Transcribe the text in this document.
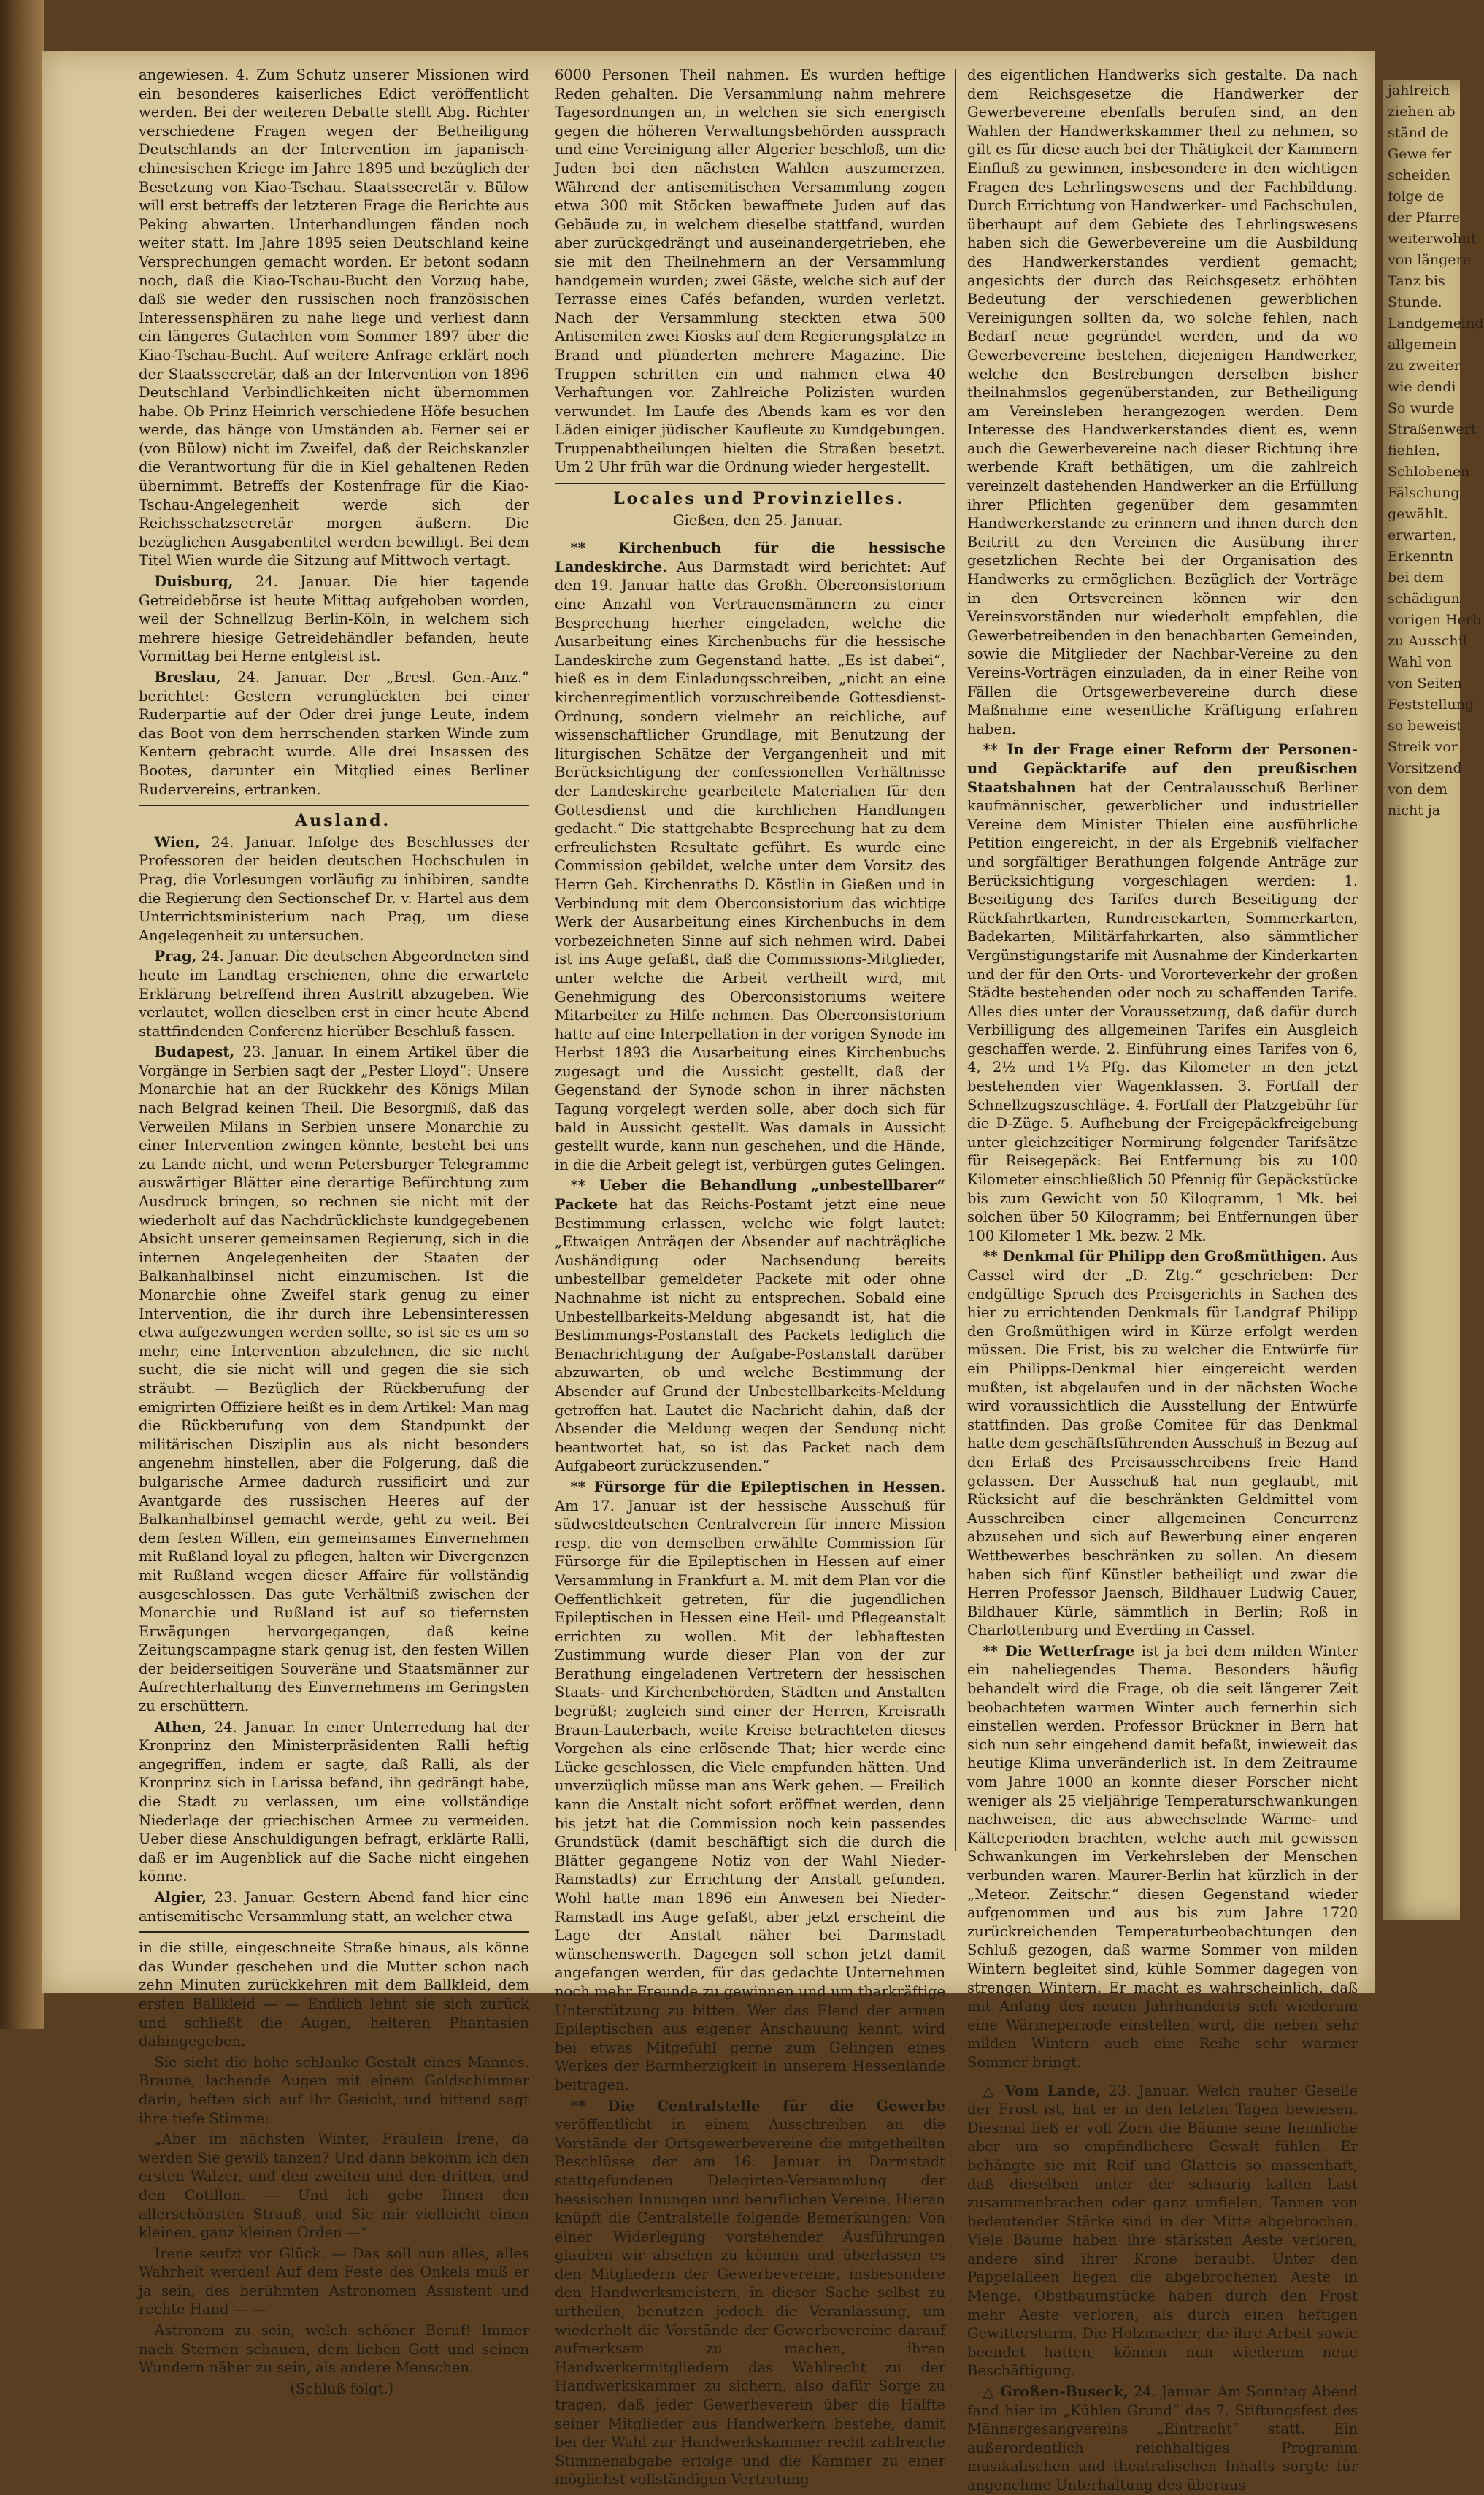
angewiesen. 4. Zum Schutz unserer Missionen wird ein besonderes kaiserliches Edict veröffentlicht werden. Bei der weiteren Debatte stellt Abg. Richter verschiedene Fragen wegen der Betheiligung Deutschlands an der Intervention im japanisch-chinesischen Kriege im Jahre 1895 und bezüglich der Besetzung von Kiao-Tschau. Staatssecretär v. Bülow will erst betreffs der letzteren Frage die Berichte aus Peking abwarten. Unterhandlungen fänden noch weiter statt. Im Jahre 1895 seien Deutschland keine Versprechungen gemacht worden. Er betont sodann noch, daß die Kiao-Tschau-Bucht den Vorzug habe, daß sie weder den russischen noch französischen Interessensphären zu nahe liege und verliest dann ein längeres Gutachten vom Sommer 1897 über die Kiao-Tschau-Bucht. Auf weitere Anfrage erklärt noch der Staatssecretär, daß an der Intervention von 1896 Deutschland Verbindlichkeiten nicht übernommen habe. Ob Prinz Heinrich verschiedene Höfe besuchen werde, das hänge von Umständen ab. Ferner sei er (von Bülow) nicht im Zweifel, daß der Reichskanzler die Verantwortung für die in Kiel gehaltenen Reden übernimmt. Betreffs der Kostenfrage für die Kiao-Tschau-Angelegenheit werde sich der Reichsschatzsecretär morgen äußern. Die bezüglichen Ausgabentitel werden bewilligt. Bei dem Titel Wien wurde die Sitzung auf Mittwoch vertagt.

Duisburg, 24. Januar. Die hier tagende Getreidebörse ist heute Mittag aufgehoben worden, weil der Schnellzug Berlin-Köln, in welchem sich mehrere hiesige Getreidehändler befanden, heute Vormittag bei Herne entgleist ist.

Breslau, 24. Januar. Der „Bresl. Gen.-Anz.“ berichtet: Gestern verunglückten bei einer Ruderpartie auf der Oder drei junge Leute, indem das Boot von dem herrschenden starken Winde zum Kentern gebracht wurde. Alle drei Insassen des Bootes, darunter ein Mitglied eines Berliner Rudervereins, ertranken.

Ausland.

Wien, 24. Januar. Infolge des Beschlusses der Professoren der beiden deutschen Hochschulen in Prag, die Vorlesungen vorläufig zu inhibiren, sandte die Regierung den Sectionschef Dr. v. Hartel aus dem Unterrichtsministerium nach Prag, um diese Angelegenheit zu untersuchen.

Prag, 24. Januar. Die deutschen Abgeordneten sind heute im Landtag erschienen, ohne die erwartete Erklärung betreffend ihren Austritt abzugeben. Wie verlautet, wollen dieselben erst in einer heute Abend stattfindenden Conferenz hierüber Beschluß fassen.

Budapest, 23. Januar. In einem Artikel über die Vorgänge in Serbien sagt der „Pester Lloyd“: Unsere Monarchie hat an der Rückkehr des Königs Milan nach Belgrad keinen Theil. Die Besorgniß, daß das Verweilen Milans in Serbien unsere Monarchie zu einer Intervention zwingen könnte, besteht bei uns zu Lande nicht, und wenn Petersburger Telegramme auswärtiger Blätter eine derartige Befürchtung zum Ausdruck bringen, so rechnen sie nicht mit der wiederholt auf das Nachdrücklichste kundgegebenen Absicht unserer gemeinsamen Regierung, sich in die internen Angelegenheiten der Staaten der Balkanhalbinsel nicht einzumischen. Ist die Monarchie ohne Zweifel stark genug zu einer Intervention, die ihr durch ihre Lebensinteressen etwa aufgezwungen werden sollte, so ist sie es um so mehr, eine Intervention abzulehnen, die sie nicht sucht, die sie nicht will und gegen die sie sich sträubt. — Bezüglich der Rückberufung der emigrirten Offiziere heißt es in dem Artikel: Man mag die Rückberufung von dem Standpunkt der militärischen Disziplin aus als nicht besonders angenehm hinstellen, aber die Folgerung, daß die bulgarische Armee dadurch russificirt und zur Avantgarde des russischen Heeres auf der Balkanhalbinsel gemacht werde, geht zu weit. Bei dem festen Willen, ein gemeinsames Einvernehmen mit Rußland loyal zu pflegen, halten wir Divergenzen mit Rußland wegen dieser Affaire für vollständig ausgeschlossen. Das gute Verhältniß zwischen der Monarchie und Rußland ist auf so tiefernsten Erwägungen hervorgegangen, daß keine Zeitungscampagne stark genug ist, den festen Willen der beiderseitigen Souveräne und Staatsmänner zur Aufrechterhaltung des Einvernehmens im Geringsten zu erschüttern.

Athen, 24. Januar. In einer Unterredung hat der Kronprinz den Ministerpräsidenten Ralli heftig angegriffen, indem er sagte, daß Ralli, als der Kronprinz sich in Larissa befand, ihn gedrängt habe, die Stadt zu verlassen, um eine vollständige Niederlage der griechischen Armee zu vermeiden. Ueber diese Anschuldigungen befragt, erklärte Ralli, daß er im Augenblick auf die Sache nicht eingehen könne.

Algier, 23. Januar. Gestern Abend fand hier eine antisemitische Versammlung statt, an welcher etwa

in die stille, eingeschneite Straße hinaus, als könne das Wunder geschehen und die Mutter schon nach zehn Minuten zurückkehren mit dem Ballkleid, dem ersten Ballkleid — — Endlich lehnt sie sich zurück und schließt die Augen, heiteren Phantasien dahingegeben.

Sie sieht die hohe schlanke Gestalt eines Mannes. Braune, lachende Augen mit einem Goldschimmer darin, heften sich auf ihr Gesicht, und bittend sagt ihre tiefe Stimme:

„Aber im nächsten Winter, Fräulein Irene, da werden Sie gewiß tanzen? Und dann bekomm ich den ersten Walzer, und den zweiten und den dritten, und den Cotillon. — Und ich gebe Ihnen den allerschönsten Strauß, und Sie mir vielleicht einen kleinen, ganz kleinen Orden —“

Irene seufzt vor Glück. — Das soll nun alles, alles Wahrheit werden! Auf dem Feste des Onkels muß er ja sein, des berühmten Astronomen Assistent und rechte Hand — —

Astronom zu sein, welch schöner Beruf! Immer nach Sternen schauen, dem lieben Gott und seinen Wundern näher zu sein, als andere Menschen.

(Schluß folgt.)

6000 Personen Theil nahmen. Es wurden heftige Reden gehalten. Die Versammlung nahm mehrere Tagesordnungen an, in welchen sie sich energisch gegen die höheren Verwaltungsbehörden aussprach und eine Vereinigung aller Algerier beschloß, um die Juden bei den nächsten Wahlen auszumerzen. Während der antisemitischen Versammlung zogen etwa 300 mit Stöcken bewaffnete Juden auf das Gebäude zu, in welchem dieselbe stattfand, wurden aber zurückgedrängt und auseinandergetrieben, ehe sie mit den Theilnehmern an der Versammlung handgemein wurden; zwei Gäste, welche sich auf der Terrasse eines Cafés befanden, wurden verletzt. Nach der Versammlung steckten etwa 500 Antisemiten zwei Kiosks auf dem Regierungsplatze in Brand und plünderten mehrere Magazine. Die Truppen schritten ein und nahmen etwa 40 Verhaftungen vor. Zahlreiche Polizisten wurden verwundet. Im Laufe des Abends kam es vor den Läden einiger jüdischer Kaufleute zu Kundgebungen. Truppenabtheilungen hielten die Straßen besetzt. Um 2 Uhr früh war die Ordnung wieder hergestellt.

Locales und Provinzielles.

Gießen, den 25. Januar.

** Kirchenbuch für die hessische Landeskirche. Aus Darmstadt wird berichtet: Auf den 19. Januar hatte das Großh. Oberconsistorium eine Anzahl von Vertrauensmännern zu einer Besprechung hierher eingeladen, welche die Ausarbeitung eines Kirchenbuchs für die hessische Landeskirche zum Gegenstand hatte. „Es ist dabei“, hieß es in dem Einladungsschreiben, „nicht an eine kirchenregimentlich vorzuschreibende Gottesdienst-Ordnung, sondern vielmehr an reichliche, auf wissenschaftlicher Grundlage, mit Benutzung der liturgischen Schätze der Vergangenheit und mit Berücksichtigung der confessionellen Verhältnisse der Landeskirche gearbeitete Materialien für den Gottesdienst und die kirchlichen Handlungen gedacht.“ Die stattgehabte Besprechung hat zu dem erfreulichsten Resultate geführt. Es wurde eine Commission gebildet, welche unter dem Vorsitz des Herrn Geh. Kirchenraths D. Köstlin in Gießen und in Verbindung mit dem Oberconsistorium das wichtige Werk der Ausarbeitung eines Kirchenbuchs in dem vorbezeichneten Sinne auf sich nehmen wird. Dabei ist ins Auge gefaßt, daß die Commissions-Mitglieder, unter welche die Arbeit vertheilt wird, mit Genehmigung des Oberconsistoriums weitere Mitarbeiter zu Hilfe nehmen. Das Oberconsistorium hatte auf eine Interpellation in der vorigen Synode im Herbst 1893 die Ausarbeitung eines Kirchenbuchs zugesagt und die Aussicht gestellt, daß der Gegenstand der Synode schon in ihrer nächsten Tagung vorgelegt werden solle, aber doch sich für bald in Aussicht gestellt. Was damals in Aussicht gestellt wurde, kann nun geschehen, und die Hände, in die die Arbeit gelegt ist, verbürgen gutes Gelingen.

** Ueber die Behandlung „unbestellbarer“ Packete hat das Reichs-Postamt jetzt eine neue Bestimmung erlassen, welche wie folgt lautet: „Etwaigen Anträgen der Absender auf nachträgliche Aushändigung oder Nachsendung bereits unbestellbar gemeldeter Packete mit oder ohne Nachnahme ist nicht zu entsprechen. Sobald eine Unbestellbarkeits-Meldung abgesandt ist, hat die Bestimmungs-Postanstalt des Packets lediglich die Benachrichtigung der Aufgabe-Postanstalt darüber abzuwarten, ob und welche Bestimmung der Absender auf Grund der Unbestellbarkeits-Meldung getroffen hat. Lautet die Nachricht dahin, daß der Absender die Meldung wegen der Sendung nicht beantwortet hat, so ist das Packet nach dem Aufgabeort zurückzusenden.“

** Fürsorge für die Epileptischen in Hessen. Am 17. Januar ist der hessische Ausschuß für südwestdeutschen Centralverein für innere Mission resp. die von demselben erwählte Commission für Fürsorge für die Epileptischen in Hessen auf einer Versammlung in Frankfurt a. M. mit dem Plan vor die Oeffentlichkeit getreten, für die jugendlichen Epileptischen in Hessen eine Heil- und Pflegeanstalt errichten zu wollen. Mit der lebhaftesten Zustimmung wurde dieser Plan von der zur Berathung eingeladenen Vertretern der hessischen Staats- und Kirchenbehörden, Städten und Anstalten begrüßt; zugleich sind einer der Herren, Kreisrath Braun-Lauterbach, weite Kreise betrachteten dieses Vorgehen als eine erlösende That; hier werde eine Lücke geschlossen, die Viele empfunden hätten. Und unverzüglich müsse man ans Werk gehen. — Freilich kann die Anstalt nicht sofort eröffnet werden, denn bis jetzt hat die Commission noch kein passendes Grundstück (damit beschäftigt sich die durch die Blätter gegangene Notiz von der Wahl Nieder-Ramstadts) zur Errichtung der Anstalt gefunden. Wohl hatte man 1896 ein Anwesen bei Nieder-Ramstadt ins Auge gefaßt, aber jetzt erscheint die Lage der Anstalt näher bei Darmstadt wünschenswerth. Dagegen soll schon jetzt damit angefangen werden, für das gedachte Unternehmen noch mehr Freunde zu gewinnen und um tharkräftige Unterstützung zu bitten. Wer das Elend der armen Epileptischen aus eigener Anschauung kennt, wird bei etwas Mitgefühl gerne zum Gelingen eines Werkes der Barmherzigkeit in unserem Hessenlande beitragen.

** Die Centralstelle für die Gewerbe veröffentlicht in einem Ausschreiben an die Vorstände der Ortsgewerbevereine die mitgetheilten Beschlüsse der am 16. Januar in Darmstadt stattgefundenen Delegirten-Versammlung der hessischen Innungen und beruflichen Vereine. Hieran knüpft die Centralstelle folgende Bemerkungen: Von einer Widerlegung vorstehender Ausführungen glauben wir absehen zu können und überlassen es den Mitgliedern der Gewerbevereine, insbesondere den Handwerksmeistern, in dieser Sache selbst zu urtheilen, benutzen jedoch die Veranlassung, um wiederholt die Vorstände der Gewerbevereine darauf aufmerksam zu machen, ihren Handwerkermitgliedern das Wahlrecht zu der Handwerkskammer zu sichern, also dafür Sorge zu tragen, daß jeder Gewerbeverein über die Hälfte seiner Mitglieder aus Handwerkern bestehe, damit bei der Wahl zur Handwerkskammer recht zahlreiche Stimmenabgabe erfolge und die Kammer zu einer möglichst vollständigen Vertretung

des eigentlichen Handwerks sich gestalte. Da nach dem Reichsgesetze die Handwerker der Gewerbevereine ebenfalls berufen sind, an den Wahlen der Handwerkskammer theil zu nehmen, so gilt es für diese auch bei der Thätigkeit der Kammern Einfluß zu gewinnen, insbesondere in den wichtigen Fragen des Lehrlingswesens und der Fachbildung. Durch Errichtung von Handwerker- und Fachschulen, überhaupt auf dem Gebiete des Lehrlingswesens haben sich die Gewerbevereine um die Ausbildung des Handwerkerstandes verdient gemacht; angesichts der durch das Reichsgesetz erhöhten Bedeutung der verschiedenen gewerblichen Vereinigungen sollten da, wo solche fehlen, nach Bedarf neue gegründet werden, und da wo Gewerbevereine bestehen, diejenigen Handwerker, welche den Bestrebungen derselben bisher theilnahmslos gegenüberstanden, zur Betheiligung am Vereinsleben herangezogen werden. Dem Interesse des Handwerkerstandes dient es, wenn auch die Gewerbevereine nach dieser Richtung ihre werbende Kraft bethätigen, um die zahlreich vereinzelt dastehenden Handwerker an die Erfüllung ihrer Pflichten gegenüber dem gesammten Handwerkerstande zu erinnern und ihnen durch den Beitritt zu den Vereinen die Ausübung ihrer gesetzlichen Rechte bei der Organisation des Handwerks zu ermöglichen. Bezüglich der Vorträge in den Ortsvereinen können wir den Vereinsvorständen nur wiederholt empfehlen, die Gewerbetreibenden in den benachbarten Gemeinden, sowie die Mitglieder der Nachbar-Vereine zu den Vereins-Vorträgen einzuladen, da in einer Reihe von Fällen die Ortsgewerbevereine durch diese Maßnahme eine wesentliche Kräftigung erfahren haben.

** In der Frage einer Reform der Personen- und Gepäcktarife auf den preußischen Staatsbahnen hat der Centralausschuß Berliner kaufmännischer, gewerblicher und industrieller Vereine dem Minister Thielen eine ausführliche Petition eingereicht, in der als Ergebniß vielfacher und sorgfältiger Berathungen folgende Anträge zur Berücksichtigung vorgeschlagen werden: 1. Beseitigung des Tarifes durch Beseitigung der Rückfahrtkarten, Rundreisekarten, Sommerkarten, Badekarten, Militärfahrkarten, also sämmtlicher Vergünstigungstarife mit Ausnahme der Kinderkarten und der für den Orts- und Vororteverkehr der großen Städte bestehenden oder noch zu schaffenden Tarife. Alles dies unter der Voraussetzung, daß dafür durch Verbilligung des allgemeinen Tarifes ein Ausgleich geschaffen werde. 2. Einführung eines Tarifes von 6, 4, 2½ und 1½ Pfg. das Kilometer in den jetzt bestehenden vier Wagenklassen. 3. Fortfall der Schnellzugszuschläge. 4. Fortfall der Platzgebühr für die D-Züge. 5. Aufhebung der Freigepäckfreigebung unter gleichzeitiger Normirung folgender Tarifsätze für Reisegepäck: Bei Entfernung bis zu 100 Kilometer einschließlich 50 Pfennig für Gepäckstücke bis zum Gewicht von 50 Kilogramm, 1 Mk. bei solchen über 50 Kilogramm; bei Entfernungen über 100 Kilometer 1 Mk. bezw. 2 Mk.

** Denkmal für Philipp den Großmüthigen. Aus Cassel wird der „D. Ztg.“ geschrieben: Der endgültige Spruch des Preisgerichts in Sachen des hier zu errichtenden Denkmals für Landgraf Philipp den Großmüthigen wird in Kürze erfolgt werden müssen. Die Frist, bis zu welcher die Entwürfe für ein Philipps-Denkmal hier eingereicht werden mußten, ist abgelaufen und in der nächsten Woche wird voraussichtlich die Ausstellung der Entwürfe stattfinden. Das große Comitee für das Denkmal hatte dem geschäftsführenden Ausschuß in Bezug auf den Erlaß des Preisausschreibens freie Hand gelassen. Der Ausschuß hat nun geglaubt, mit Rücksicht auf die beschränkten Geldmittel vom Ausschreiben einer allgemeinen Concurrenz abzusehen und sich auf Bewerbung einer engeren Wettbewerbes beschränken zu sollen. An diesem haben sich fünf Künstler betheiligt und zwar die Herren Professor Jaensch, Bildhauer Ludwig Cauer, Bildhauer Kürle, sämmtlich in Berlin; Roß in Charlottenburg und Everding in Cassel.

** Die Wetterfrage ist ja bei dem milden Winter ein naheliegendes Thema. Besonders häufig behandelt wird die Frage, ob die seit längerer Zeit beobachteten warmen Winter auch fernerhin sich einstellen werden. Professor Brückner in Bern hat sich nun sehr eingehend damit befaßt, inwieweit das heutige Klima unveränderlich ist. In dem Zeitraume vom Jahre 1000 an konnte dieser Forscher nicht weniger als 25 vieljährige Temperaturschwankungen nachweisen, die aus abwechselnde Wärme- und Kälteperioden brachten, welche auch mit gewissen Schwankungen im Verkehrsleben der Menschen verbunden waren. Maurer-Berlin hat kürzlich in der „Meteor. Zeitschr.“ diesen Gegenstand wieder aufgenommen und aus bis zum Jahre 1720 zurückreichenden Temperaturbeobachtungen den Schluß gezogen, daß warme Sommer von milden Wintern begleitet sind, kühle Sommer dagegen von strengen Wintern. Er macht es wahrscheinlich, daß mit Anfang des neuen Jahrhunderts sich wiederum eine Wärmeperiode einstellen wird, die neben sehr milden Wintern auch eine Reihe sehr warmer Sommer bringt.

△ Vom Lande, 23. Januar. Welch rauher Geselle der Frost ist, hat er in den letzten Tagen bewiesen. Diesmal ließ er voll Zorn die Bäume seine heimliche aber um so empfindlichere Gewalt fühlen. Er behängte sie mit Reif und Glatteis so massenhaft, daß dieselben unter der schaurig kalten Last zusammenbrachen oder ganz umfielen. Tannen von bedeutender Stärke sind in der Mitte abgebrochen. Viele Bäume haben ihre stärksten Aeste verloren, andere sind ihrer Krone beraubt. Unter den Pappelalleen liegen die abgebrochenen Aeste in Menge. Obstbaumstücke haben durch den Frost mehr Aeste verloren, als durch einen heftigen Gewittersturm. Die Holzmacher, die ihre Arbeit sowie beendet hatten, können nun wiederum neue Beschäftigung.

△ Großen-Buseck, 24. Januar. Am Sonntag Abend fand hier im „Kühlen Grund“ das 7. Stiftungsfest des Männergesangvereins „Eintracht“ statt. Ein außerordentlich reichhaltiges Programm musikalischen und theatralischen Inhalts sorgte für angenehme Unterhaltung des überaus

jahlreich

ziehen ab

ständ de

Gewe fer

scheiden

folge de

der Pfarre

weiterwohnt

von längere

Tanz bis

Stunde.

Landgemeind

allgemein

zu zweiter

wie dendi

So wurde

Straßenwert

fiehlen,

Schlobenen

Fälschung

gewählt.

erwarten,

Erkenntn

bei dem

schädigun

vorigen Herb

zu Ausschil

Wahl von

von Seiten

Feststellung

so beweist

Streik vor

Vorsitzend

von dem

nicht ja
